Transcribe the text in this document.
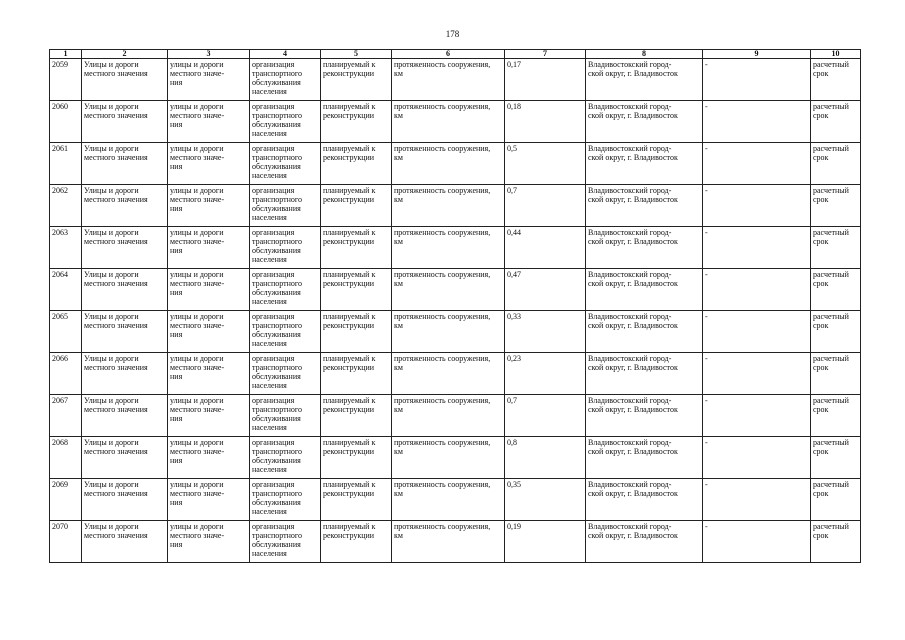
178
1	2	3	4	5	6	7	8	9	10
2059	Улицы и дороги
местного значения	улицы и дороги
местного значе-
ния	организация
транспортного
обслуживания
населения	планируемый к
реконструкции	протяженность сооружения,
км	0,17	Владивостокский город-
ской округ, г. Владивосток	-	расчетный
срок

2060	Улицы и дороги
местного значения	улицы и дороги
местного значе-
ния	организация
транспортного
обслуживания
населения	планируемый к
реконструкции	протяженность сооружения,
км	0,18	Владивостокский город-
ской округ, г. Владивосток	-	расчетный
срок

2061	Улицы и дороги
местного значения	улицы и дороги
местного значе-
ния	организация
транспортного
обслуживания
населения	планируемый к
реконструкции	протяженность сооружения,
км	0,5	Владивостокский город-
ской округ, г. Владивосток	-	расчетный
срок

2062	Улицы и дороги
местного значения	улицы и дороги
местного значе-
ния	организация
транспортного
обслуживания
населения	планируемый к
реконструкции	протяженность сооружения,
км	0,7	Владивостокский город-
ской округ, г. Владивосток	-	расчетный
срок

2063	Улицы и дороги
местного значения	улицы и дороги
местного значе-
ния	организация
транспортного
обслуживания
населения	планируемый к
реконструкции	протяженность сооружения,
км	0,44	Владивостокский город-
ской округ, г. Владивосток	-	расчетный
срок

2064	Улицы и дороги
местного значения	улицы и дороги
местного значе-
ния	организация
транспортного
обслуживания
населения	планируемый к
реконструкции	протяженность сооружения,
км	0,47	Владивостокский город-
ской округ, г. Владивосток	-	расчетный
срок

2065	Улицы и дороги
местного значения	улицы и дороги
местного значе-
ния	организация
транспортного
обслуживания
населения	планируемый к
реконструкции	протяженность сооружения,
км	0,33	Владивостокский город-
ской округ, г. Владивосток	-	расчетный
срок

2066	Улицы и дороги
местного значения	улицы и дороги
местного значе-
ния	организация
транспортного
обслуживания
населения	планируемый к
реконструкции	протяженность сооружения,
км	0,23	Владивостокский город-
ской округ, г. Владивосток	-	расчетный
срок

2067	Улицы и дороги
местного значения	улицы и дороги
местного значе-
ния	организация
транспортного
обслуживания
населения	планируемый к
реконструкции	протяженность сооружения,
км	0,7	Владивостокский город-
ской округ, г. Владивосток	-	расчетный
срок

2068	Улицы и дороги
местного значения	улицы и дороги
местного значе-
ния	организация
транспортного
обслуживания
населения	планируемый к
реконструкции	протяженность сооружения,
км	0,8	Владивостокский город-
ской округ, г. Владивосток	-	расчетный
срок

2069	Улицы и дороги
местного значения	улицы и дороги
местного значе-
ния	организация
транспортного
обслуживания
населения	планируемый к
реконструкции	протяженность сооружения,
км	0,35	Владивостокский город-
ской округ, г. Владивосток	-	расчетный
срок

2070	Улицы и дороги
местного значения	улицы и дороги
местного значе-
ния	организация
транспортного
обслуживания
населения	планируемый к
реконструкции	протяженность сооружения,
км	0,19	Владивостокский город-
ской округ, г. Владивосток	-	расчетный
срок
